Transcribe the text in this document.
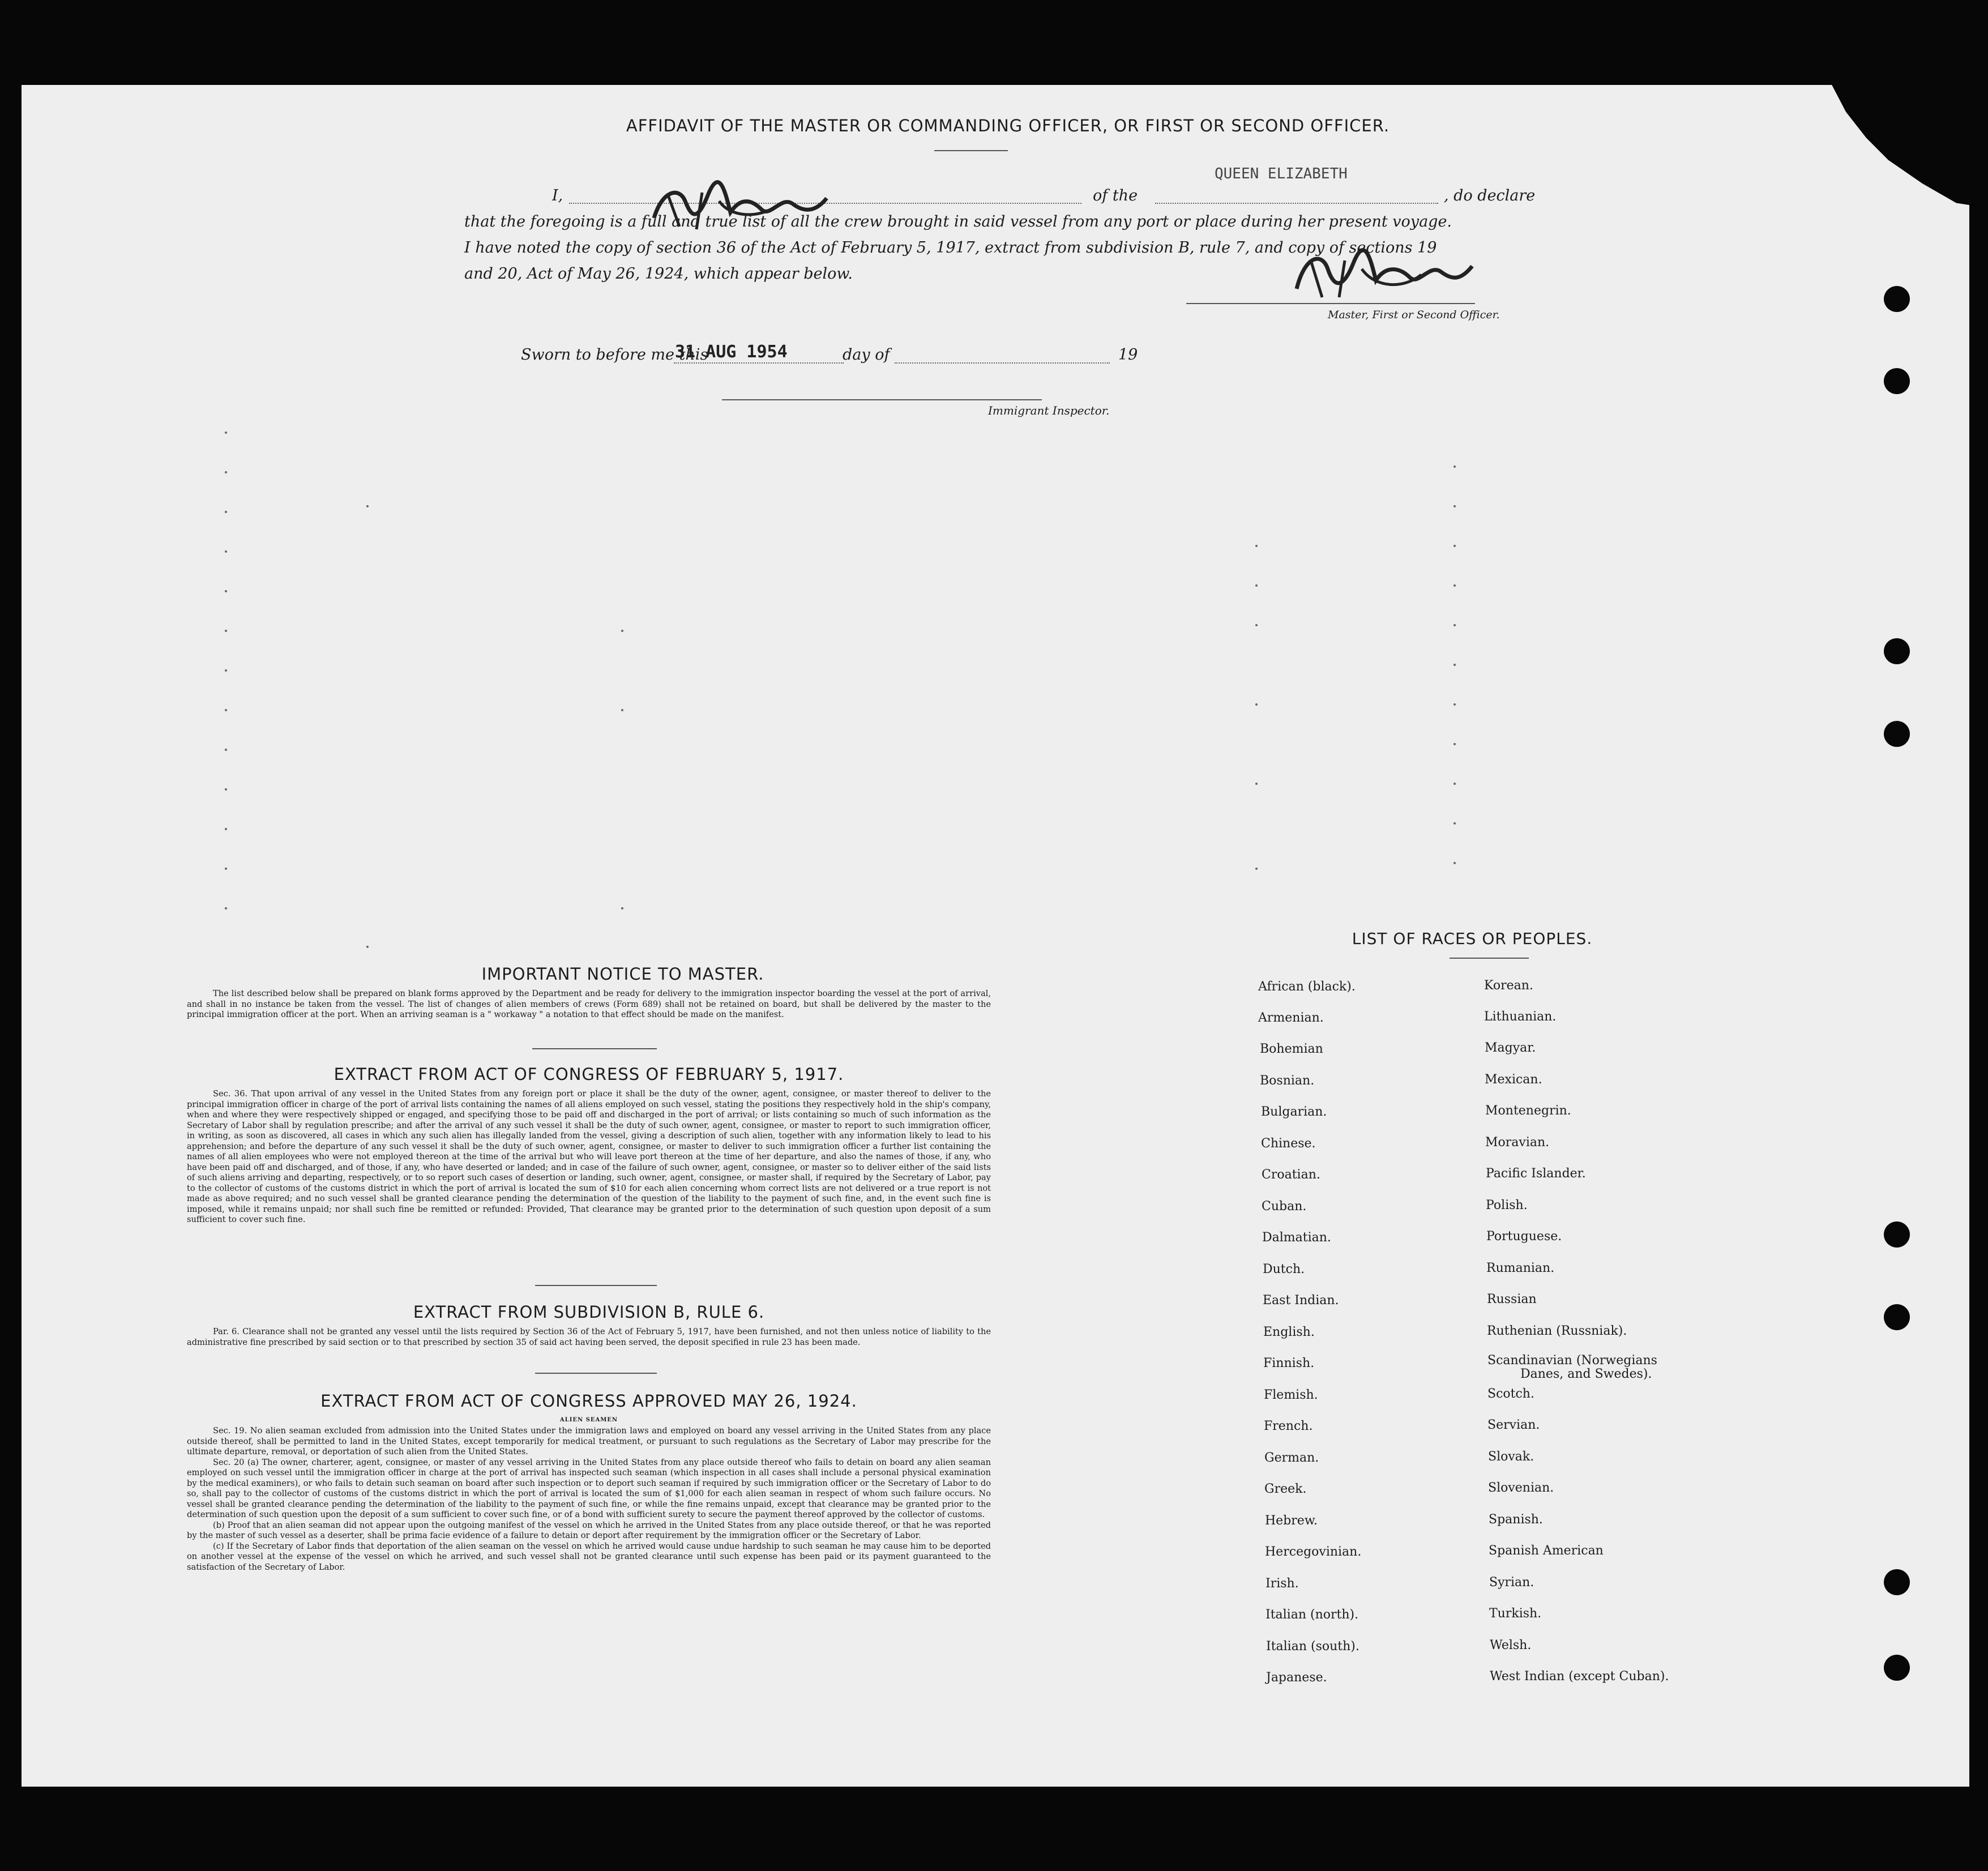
AFFIDAVIT OF THE MASTER OR COMMANDING OFFICER, OR FIRST OR SECOND OFFICER.
QUEEN ELIZABETH
I,	of the	, do declare
that the foregoing is a full and true list of all the crew brought in said vessel from any port or place during her present voyage.
I have noted the copy of section 36 of the Act of February 5, 1917, extract from subdivision B, rule 7, and copy of sections 19
and 20, Act of May 26, 1924, which appear below.
Master, First or Second Officer.
Sworn to before me this
31 AUG 1954	day of	19
Immigrant Inspector.
IMPORTANT NOTICE TO MASTER.

The list described below shall be prepared on blank forms approved by the Department and be ready for delivery to the immigration inspector boarding the vessel at the port of arrival, and shall in no instance be taken from the vessel. The list of changes of alien members of crews (Form 689) shall not be retained on board, but shall be delivered by the master to the principal immigration officer at the port. When an arriving seaman is a " workaway " a notation to that effect should be made on the manifest.

EXTRACT FROM ACT OF CONGRESS OF FEBRUARY 5, 1917.

Sec. 36. That upon arrival of any vessel in the United States from any foreign port or place it shall be the duty of the owner, agent, consignee, or master thereof to deliver to the principal immigration officer in charge of the port of arrival lists containing the names of all aliens employed on such vessel, stating the positions they respectively hold in the ship's company, when and where they were respectively shipped or engaged, and specifying those to be paid off and discharged in the port of arrival; or lists containing so much of such information as the Secretary of Labor shall by regulation prescribe; and after the arrival of any such vessel it shall be the duty of such owner, agent, consignee, or master to report to such immigration officer, in writing, as soon as discovered, all cases in which any such alien has illegally landed from the vessel, giving a description of such alien, together with any information likely to lead to his apprehension; and before the departure of any such vessel it shall be the duty of such owner, agent, consignee, or master to deliver to such immigration officer a further list containing the names of all alien employees who were not employed thereon at the time of the arrival but who will leave port thereon at the time of her departure, and also the names of those, if any, who have been paid off and discharged, and of those, if any, who have deserted or landed; and in case of the failure of such owner, agent, consignee, or master so to deliver either of the said lists of such aliens arriving and departing, respectively, or to so report such cases of desertion or landing, such owner, agent, consignee, or master shall, if required by the Secretary of Labor, pay to the collector of customs of the customs district in which the port of arrival is located the sum of $10 for each alien concerning whom correct lists are not delivered or a true report is not made as above required; and no such vessel shall be granted clearance pending the determination of the question of the liability to the payment of such fine, and, in the event such fine is imposed, while it remains unpaid; nor shall such fine be remitted or refunded: Provided, That clearance may be granted prior to the determination of such question upon deposit of a sum sufficient to cover such fine.

EXTRACT FROM SUBDIVISION B, RULE 6.

Par. 6. Clearance shall not be granted any vessel until the lists required by Section 36 of the Act of February 5, 1917, have been furnished, and not then unless notice of liability to the administrative fine prescribed by said section or to that prescribed by section 35 of said act having been served, the deposit specified in rule 23 has been made.

EXTRACT FROM ACT OF CONGRESS APPROVED MAY 26, 1924.
ALIEN SEAMEN

Sec. 19. No alien seaman excluded from admission into the United States under the immigration laws and employed on board any vessel arriving in the United States from any place outside thereof, shall be permitted to land in the United States, except temporarily for medical treatment, or pursuant to such regulations as the Secretary of Labor may prescribe for the ultimate departure, removal, or deportation of such alien from the United States.

Sec. 20 (a) The owner, charterer, agent, consignee, or master of any vessel arriving in the United States from any place outside thereof who fails to detain on board any alien seaman employed on such vessel until the immigration officer in charge at the port of arrival has inspected such seaman (which inspection in all cases shall include a personal physical examination by the medical examiners), or who fails to detain such seaman on board after such inspection or to deport such seaman if required by such immigration officer or the Secretary of Labor to do so, shall pay to the collector of customs of the customs district in which the port of arrival is located the sum of $1,000 for each alien seaman in respect of whom such failure occurs. No vessel shall be granted clearance pending the determination of the liability to the payment of such fine, or while the fine remains unpaid, except that clearance may be granted prior to the determination of such question upon the deposit of a sum sufficient to cover such fine, or of a bond with sufficient surety to secure the payment thereof approved by the collector of customs.

(b) Proof that an alien seaman did not appear upon the outgoing manifest of the vessel on which he arrived in the United States from any place outside thereof, or that he was reported by the master of such vessel as a deserter, shall be prima facie evidence of a failure to detain or deport after requirement by the immigration officer or the Secretary of Labor.

(c) If the Secretary of Labor finds that deportation of the alien seaman on the vessel on which he arrived would cause undue hardship to such seaman he may cause him to be deported on another vessel at the expense of the vessel on which he arrived, and such vessel shall not be granted clearance until such expense has been paid or its payment guaranteed to the satisfaction of the Secretary of Labor.

LIST OF RACES OR PEOPLES.
African (black).
Armenian.
Bohemian
Bosnian.
Bulgarian.
Chinese.
Croatian.
Cuban.
Dalmatian.
Dutch.
East Indian.
English.
Finnish.
Flemish.
French.
German.
Greek.
Hebrew.
Hercegovinian.
Irish.
Italian (north).
Italian (south).
Japanese.
Korean.
Lithuanian.
Magyar.
Mexican.
Montenegrin.
Moravian.
Pacific Islander.
Polish.
Portuguese.
Rumanian.
Russian
Ruthenian (Russniak).
Scandinavian (Norwegians
Danes, and Swedes).
Scotch.
Servian.
Slovak.
Slovenian.
Spanish.
Spanish American
Syrian.
Turkish.
Welsh.
West Indian (except Cuban).
